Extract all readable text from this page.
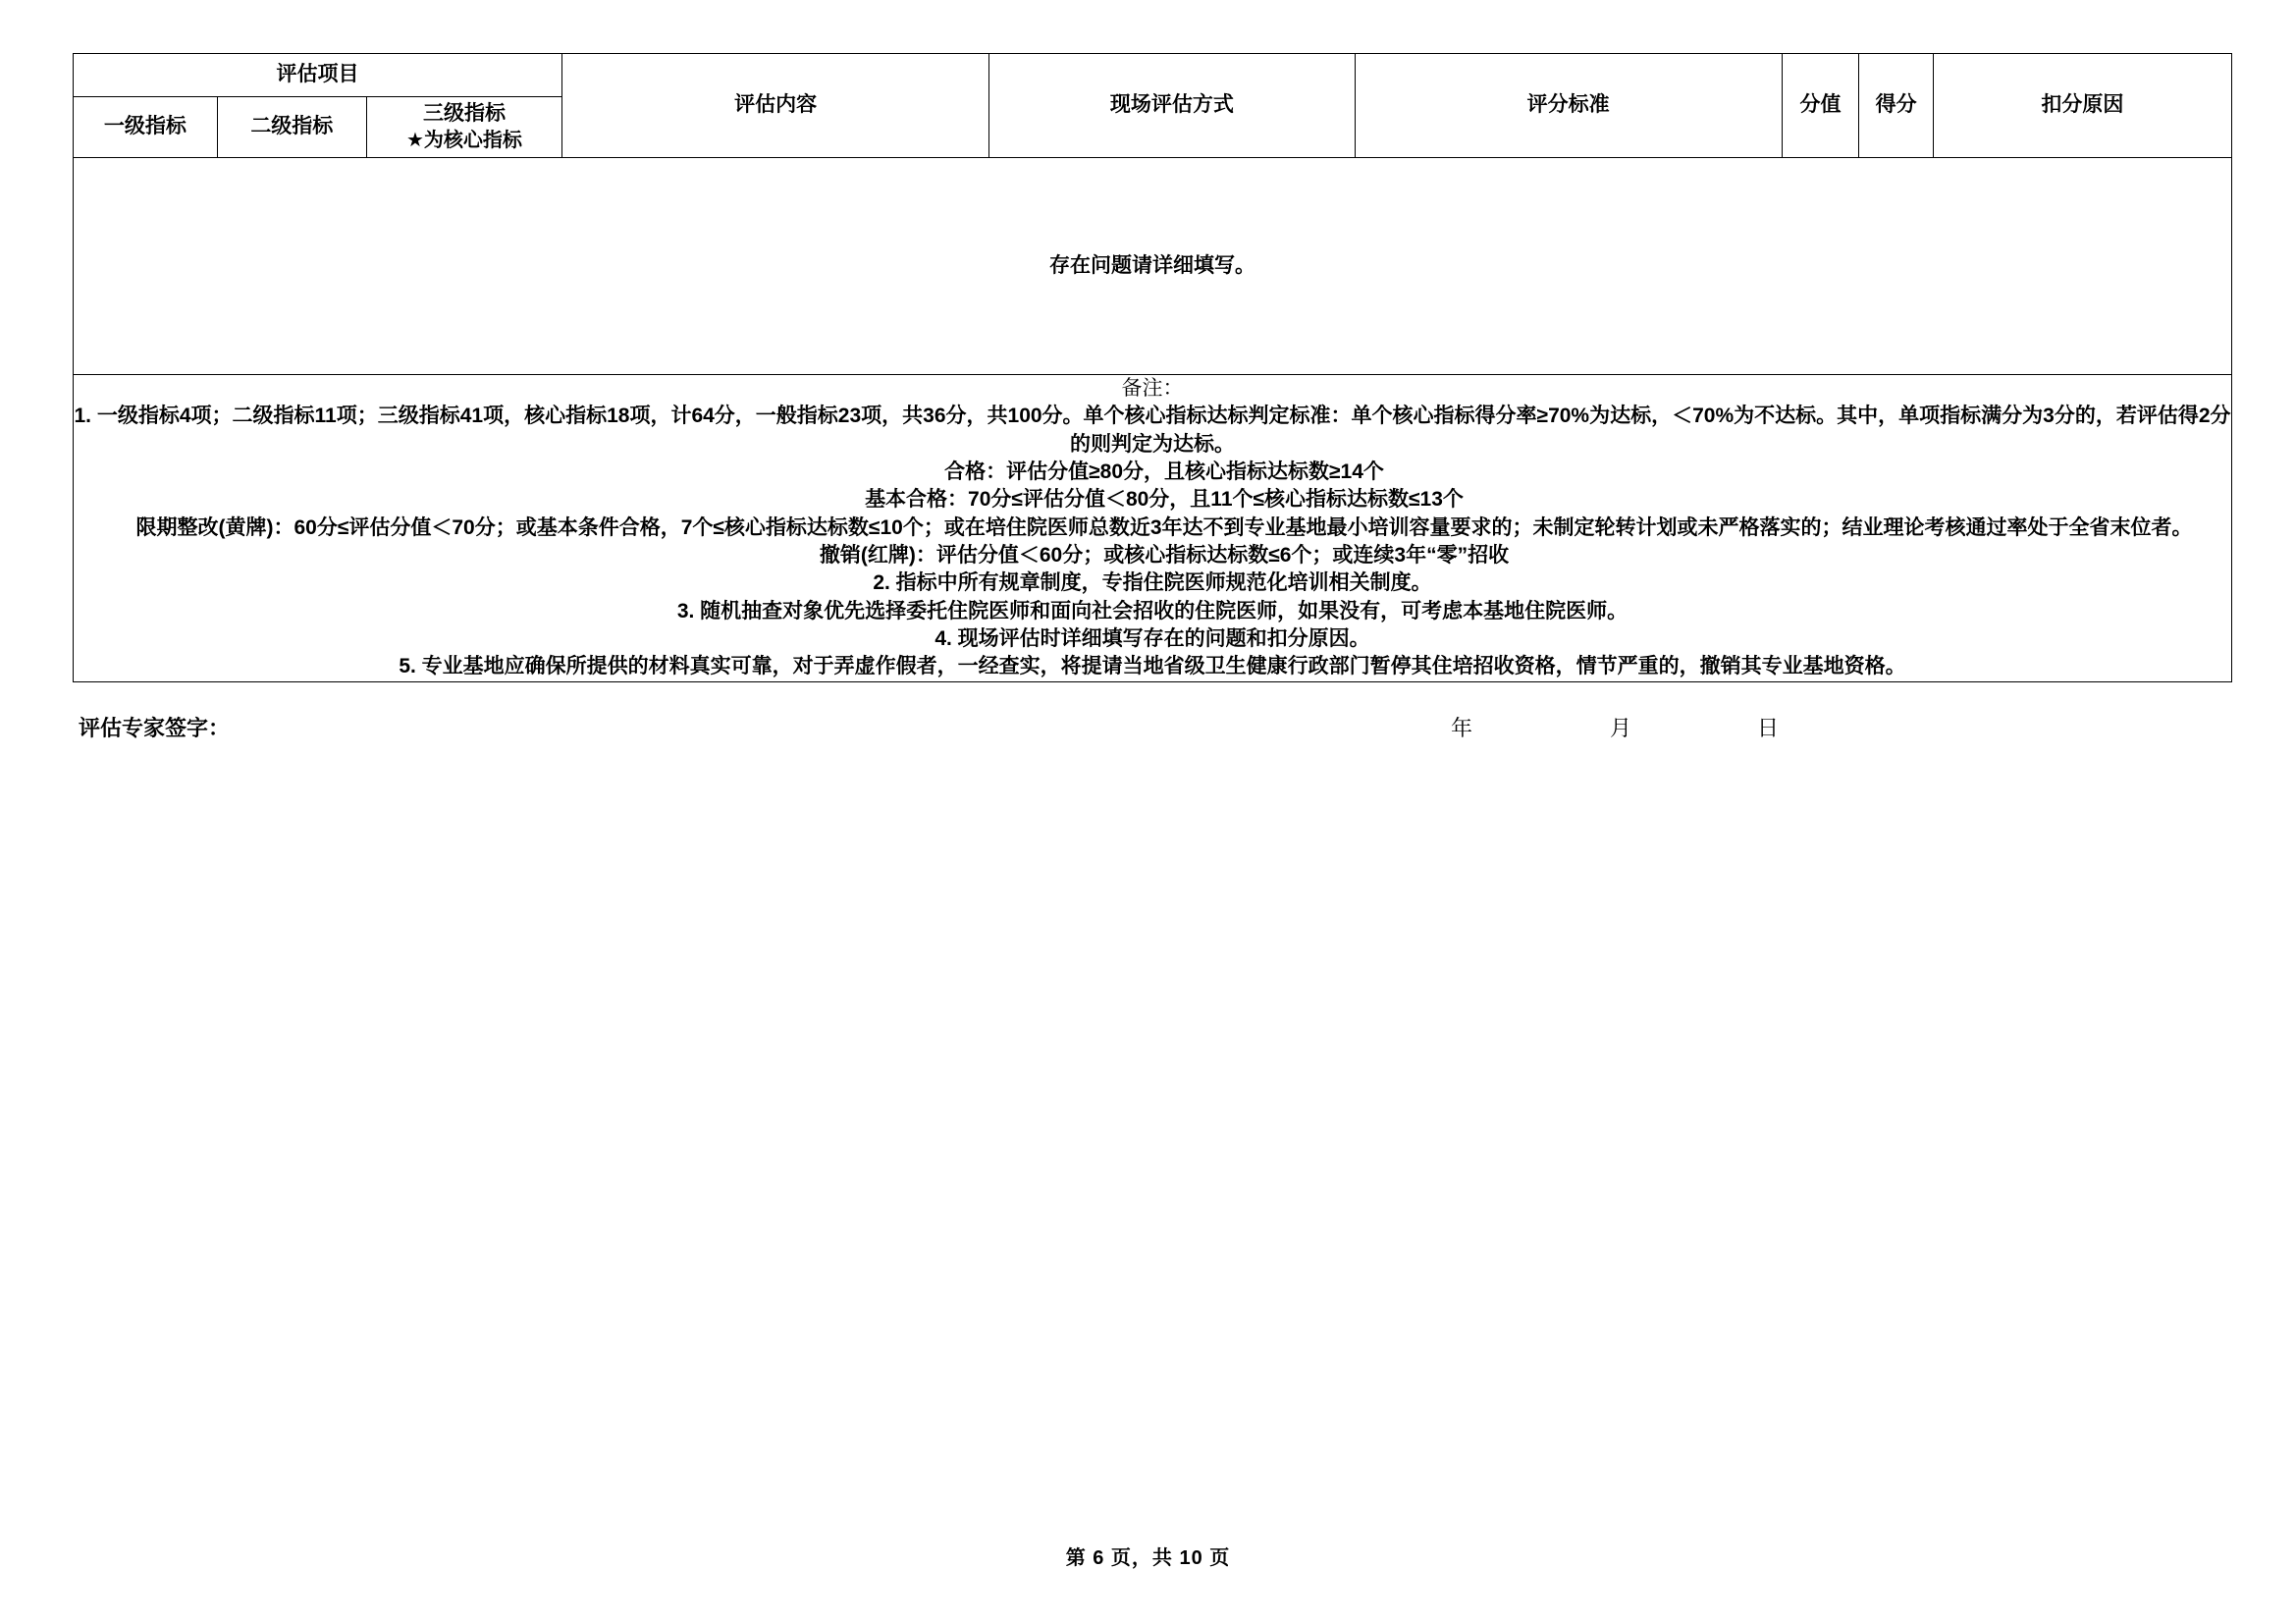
评估项目			评估内容	现场评估方式	评分标准	分值	得分	扣分原因
一级指标	二级指标	三级指标
★为核心指标						

存在问题请详细填写。								

备注：
1. 一级指标4项；二级指标11项；三级指标41项，核心指标18项，计64分，一般指标23项，共36分，共100分。单个核心指标达标判定标准：单个核心指标得分率≥70%为达标，＜70%为不达标。其中，单项指标满分为3分的，若评估得2分的则判定为达标。
合格：评估分值≥80分，且核心指标达标数≥14个
基本合格：70分≤评估分值＜80分，且11个≤核心指标达标数≤13个
限期整改(黄牌)：60分≤评估分值＜70分；或基本条件合格，7个≤核心指标达标数≤10个；或在培住院医师总数近3年达不到专业基地最小培训容量要求的；未制定轮转计划或未严格落实的；结业理论考核通过率处于全省末位者。
撤销(红牌)：评估分值＜60分；或核心指标达标数≤6个；或连续3年“零”招收
2. 指标中所有规章制度，专指住院医师规范化培训相关制度。
3. 随机抽查对象优先选择委托住院医师和面向社会招收的住院医师，如果没有，可考虑本基地住院医师。
4. 现场评估时详细填写存在的问题和扣分原因。
5. 专业基地应确保所提供的材料真实可靠，对于弄虚作假者，一经查实，将提请当地省级卫生健康行政部门暂停其住培招收资格，情节严重的，撤销其专业基地资格。
评估专家签字：	年	月	日
第 6 页，共 10 页
